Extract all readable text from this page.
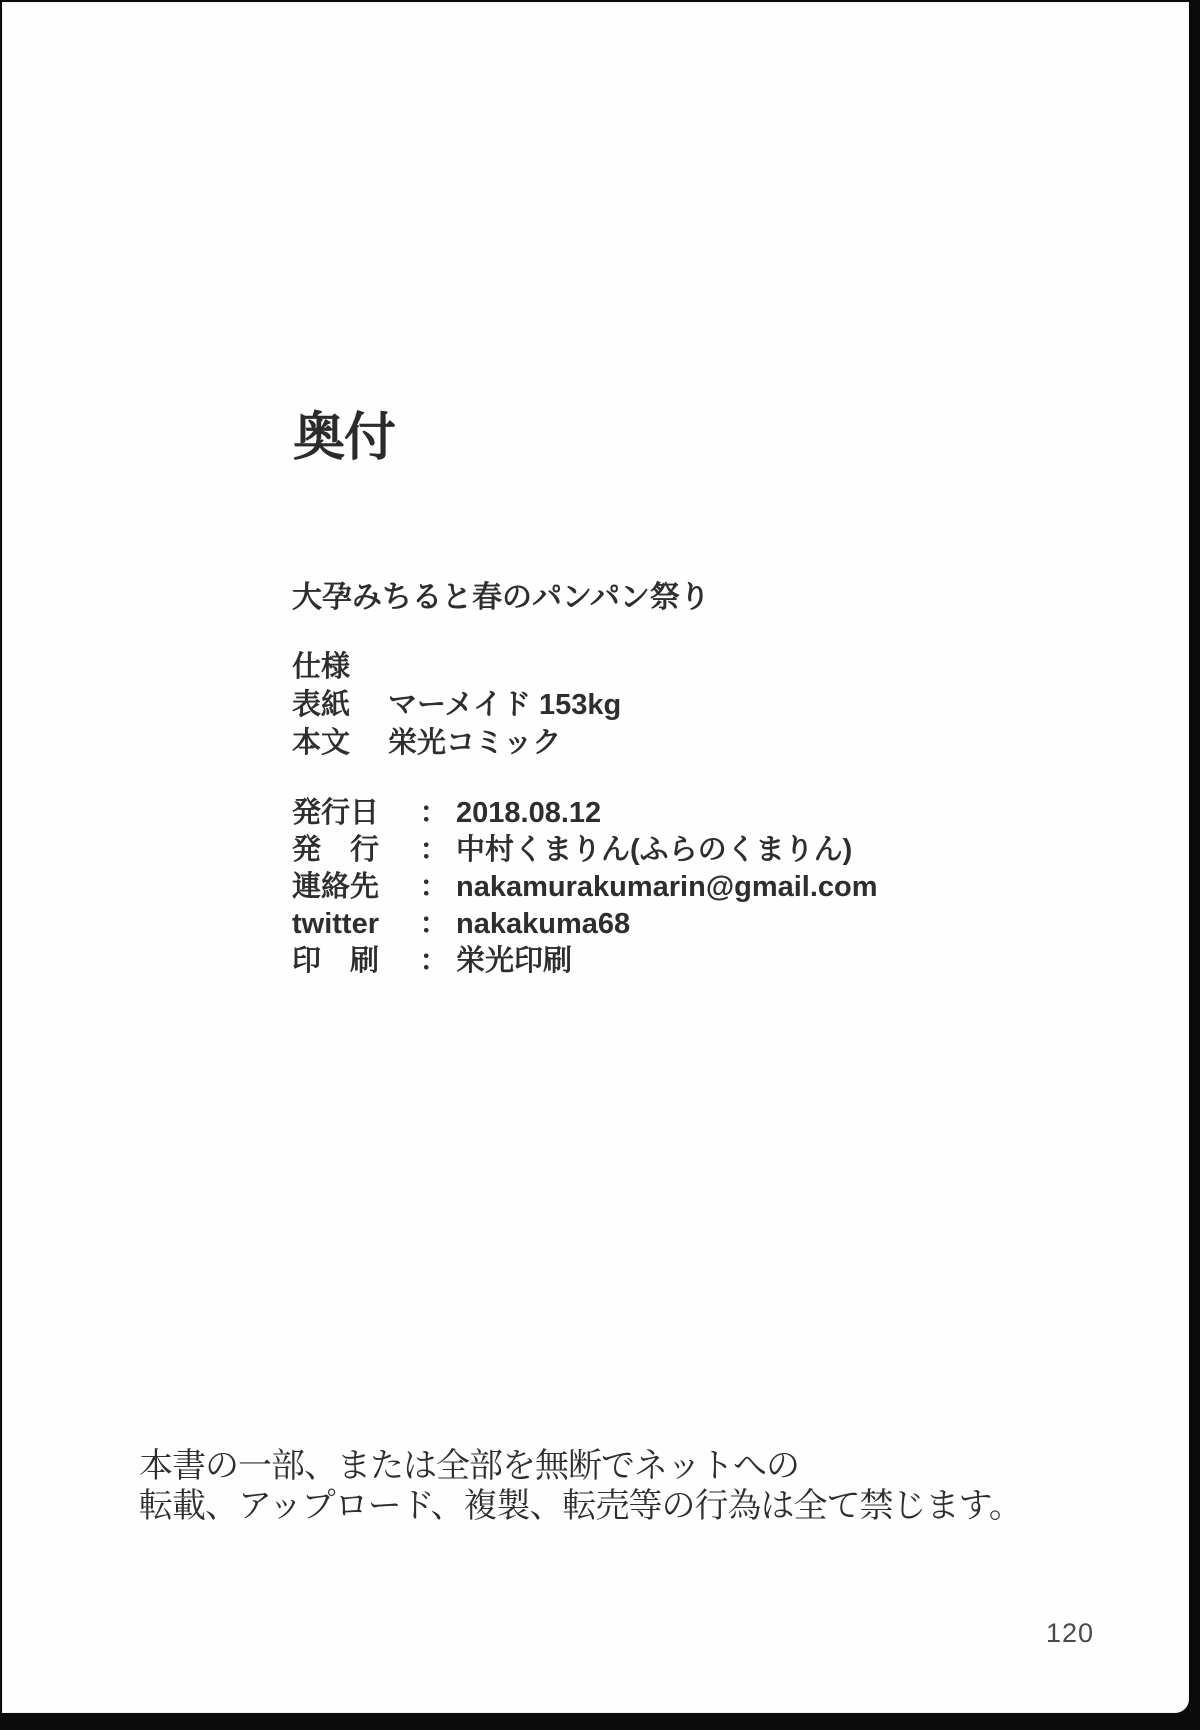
奥付
大孕みちると春のパンパン祭り
仕様
表紙	マーメイド 153kg
本文	栄光コミック
発行日	： 2018.08.12
発　行	： 中村くまりん(ふらのくまりん)
連絡先	： nakamurakumarin@gmail.com
twitter	： nakakuma68
印　刷	： 栄光印刷
本書の一部、または全部を無断でネットへの
転載、アップロード、複製、転売等の行為は全て禁じます。
120
